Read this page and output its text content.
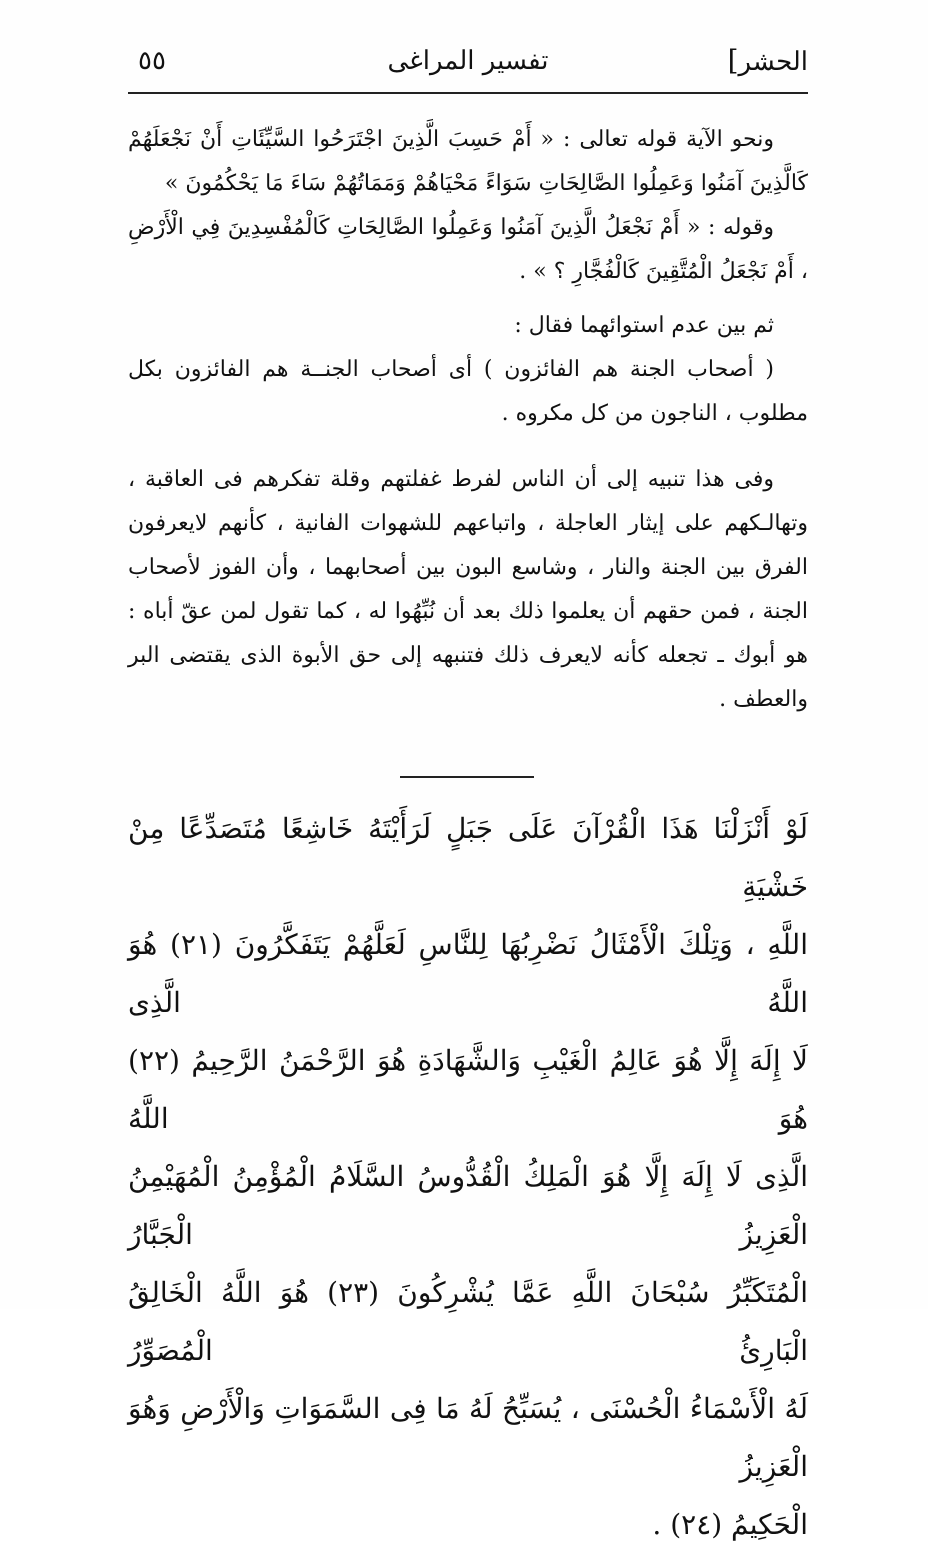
٥٥	تفسير المراغى	الحشر]

ونحو الآية قوله تعالى : « أَمْ حَسِبَ الَّذِينَ اجْتَرَحُوا السَّيِّئَاتِ أَنْ نَجْعَلَهُمْ كَالَّذِينَ آمَنُوا وَعَمِلُوا الصَّالِحَاتِ سَوَاءً مَحْيَاهُمْ وَمَمَاتُهُمْ سَاءَ مَا يَحْكُمُونَ »

وقوله : « أَمْ نَجْعَلُ الَّذِينَ آمَنُوا وَعَمِلُوا الصَّالِحَاتِ كَالْمُفْسِدِينَ فِي الْأَرْضِ ، أَمْ نَجْعَلُ الْمُتَّقِينَ كَالْفُجَّارِ ؟ » .

ثم بين عدم استوائهما فقال :

( أصحاب الجنة هم الفائزون ) أى أصحاب الجنــة هم الفائزون بكل مطلوب ، الناجون من كل مكروه .

وفى هذا تنبيه إلى أن الناس لفرط غفلتهم وقلة تفكرهم فى العاقبة ، وتهالـكهم على إيثار العاجلة ، واتباعهم للشهوات الفانية ، كأنهم لايعرفون الفرق بين الجنة والنار ، وشاسع البون بين أصحابهما ، وأن الفوز لأصحاب الجنة ، فمن حقهم أن يعلموا ذلك بعد أن نُبِّهُوا له ، كما تقول لمن عقّ أباه : هو أبوك ـ تجعله كأنه لايعرف ذلك فتنبهه إلى حق الأبوة الذى يقتضى البر والعطف .

لَوْ أَنْزَلْنَا هَذَا الْقُرْآنَ عَلَى جَبَلٍ لَرَأَيْتَهُ خَاشِعًا مُتَصَدِّعًا مِنْ خَشْيَةِ

اللَّهِ ، وَتِلْكَ الْأَمْثَالُ نَضْرِبُهَا لِلنَّاسِ لَعَلَّهُمْ يَتَفَكَّرُونَ (٢١) هُوَ اللَّهُ الَّذِى

لَا إِلَهَ إِلَّا هُوَ عَالِمُ الْغَيْبِ وَالشَّهَادَةِ هُوَ الرَّحْمَنُ الرَّحِيمُ (٢٢) هُوَ اللَّهُ

الَّذِى لَا إِلَهَ إِلَّا هُوَ الْمَلِكُ الْقُدُّوسُ السَّلَامُ الْمُؤْمِنُ الْمُهَيْمِنُ الْعَزِيزُ الْجَبَّارُ

الْمُتَكَبِّرُ سُبْحَانَ اللَّهِ عَمَّا يُشْرِكُونَ (٢٣) هُوَ اللَّهُ الْخَالِقُ الْبَارِئُ الْمُصَوِّرُ

لَهُ الْأَسْمَاءُ الْحُسْنَى ، يُسَبِّحُ لَهُ مَا فِى السَّمَوَاتِ وَالْأَرْضِ وَهُوَ الْعَزِيزُ

الْحَكِيمُ (٢٤) .
